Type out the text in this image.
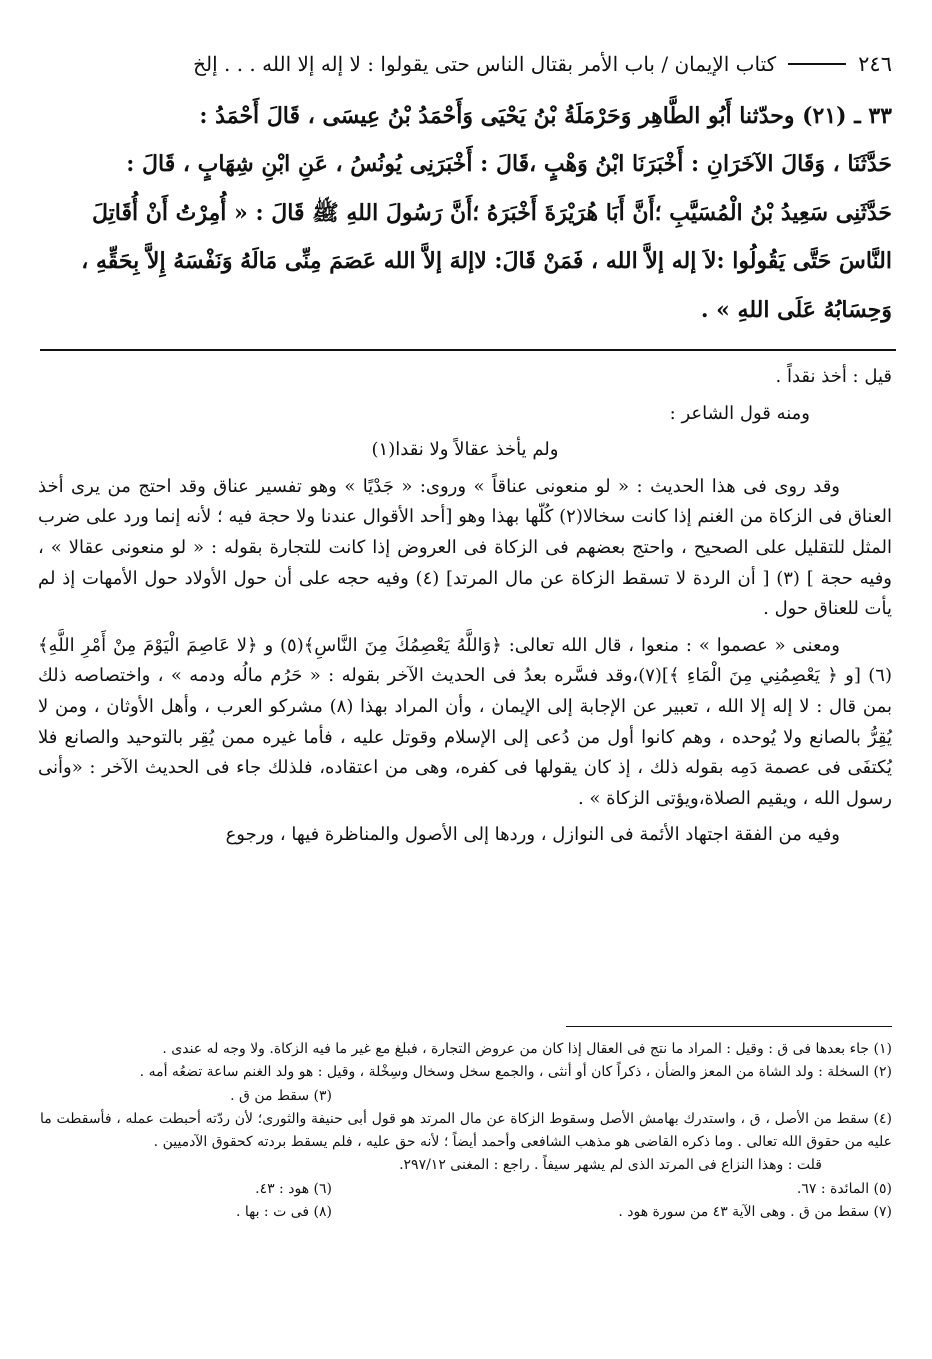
٢٤٦
كتاب الإيمان / باب الأمر بقتال الناس حتى يقولوا : لا إله إلا الله . . . إلخ

٣٣ ـ (٢١) وحدّثنا أَبُو الطَّاهِر وَحَرْمَلَةُ بْنُ يَحْيَى وَأَحْمَدُ بْنُ عِيسَى ، قَالَ أَحْمَدُ :

حَدَّثَنَا ، وَقَالَ الآخَرَانِ : أَخْبَرَنَا ابْنُ وَهْبٍ ،قَالَ : أَخْبَرَنِى يُونُسُ ، عَنِ ابْنِ شِهَابٍ ، قَالَ :

حَدَّثَنِى سَعِيدُ بْنُ الْمُسَيَّبِ ؛أَنَّ أَبَا هُرَيْرَةَ أَخْبَرَهُ ؛أَنَّ رَسُولَ اللهِ ﷺ قَالَ : « أُمِرْتُ أَنْ أُقَاتِلَ

النَّاسَ حَتَّى يَقُولُوا :لاَ إله إلاَّ الله ، فَمَنْ قَالَ: لاإلهَ إلاَّ الله عَصَمَ مِنِّى مَالَهُ وَنَفْسَهُ إِلاَّ بِحَقِّهِ ،

وَحِسَابُهُ عَلَى اللهِ » .

قيل : أخذ نقداً .

ومنه قول الشاعر :

ولم يأخذ عقالاً ولا نقدا(١)

وقد روى فى هذا الحديث : « لو منعونى عناقاً » وروى: « جَدْيًا » وهو تفسير عناق وقد احتج من يرى أخذ العناق فى الزكاة من الغنم إذا كانت سخالا(٢) كُلّها بهذا وهو [أحد الأقوال عندنا ولا حجة فيه ؛ لأنه إنما ورد على ضرب المثل للتقليل على الصحيح ، واحتج بعضهم فى الزكاة فى العروض إذا كانت للتجارة بقوله : « لو منعونى عقالا » ، وفيه حجة ] (٣) [ أن الردة لا تسقط الزكاة عن مال المرتد] (٤) وفيه حجه على أن حول الأولاد حول الأمهات إذ لم يأت للعناق حول .

ومعنى « عصموا » : منعوا ، قال الله تعالى: ﴿وَاللَّهُ يَعْصِمُكَ مِنَ النَّاسِ﴾(٥) و ﴿لا عَاصِمَ الْيَوْمَ مِنْ أَمْرِ اللَّهِ﴾(٦) [و ﴿ يَعْصِمُنِي مِنَ الْمَاءِ ﴾](٧)،وقد فسَّره بعدُ فى الحديث الآخر بقوله : « حَرُم مالُه ودمه » ، واختصاصه ذلك بمن قال : لا إله إلا الله ، تعبير عن الإجابة إلى الإيمان ، وأن المراد بهذا (٨) مشركو العرب ، وأهل الأوثان ، ومن لا يُقِرُّ بالصانع ولا يُوحده ، وهم كانوا أول من دُعى إلى الإسلام وقوتل عليه ، فأما غيره ممن يُقِر بالتوحيد والصانع فلا يُكتفَى فى عصمة دَمِه بقوله ذلك ، إذ كان يقولها فى كفره، وهى من اعتقاده، فلذلك جاء فى الحديث الآخر : «وأنى رسول الله ، ويقيم الصلاة،ويؤتى الزكاة » .

وفيه من الفقة اجتهاد الأئمة فى النوازل ، وردها إلى الأصول والمناظرة فيها ، ورجوع

(١) جاء بعدها فى ق : وقيل : المراد ما نتج فى العقال إذا كان من عروض التجارة ، فبلغ مع غير ما فيه الزكاة. ولا وجه له عندى .

(٢) السخلة : ولد الشاة من المعز والضأن ، ذكراً كان أو أنثى ، والجمع سخل وسخال وسِخْلة ، وقيل : هو ولد الغنم ساعة تضعُه أمه .

(٣) سقط من ق .

(٤) سقط من الأصل ، ق ، واستدرك بهامش الأصل وسقوط الزكاة عن مال المرتد هو قول أبى حنيفة والثورى؛ لأن ردّته أحبطت عمله ، فأسقطت ما عليه من حقوق الله تعالى . وما ذكره القاضى هو مذهب الشافعى وأحمد أيضاً ؛ لأنه حق عليه ، فلم يسقط بردته كحقوق الآدميين .

قلت : وهذا النزاع فى المرتد الذى لم يشهر سيفاً . راجع : المغنى ٢٩٧/١٢.

(٥) المائدة : ٦٧.
(٦) هود : ٤٣.

(٧) سقط من ق . وهى الآية ٤٣ من سورة هود .
(٨) فى ت : بها .
